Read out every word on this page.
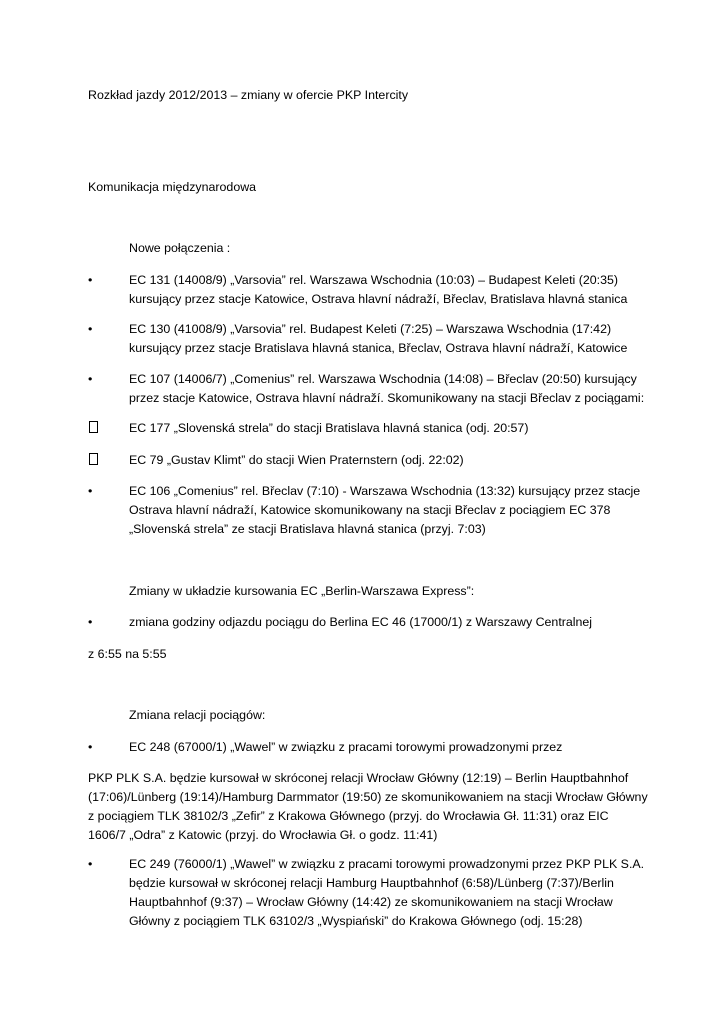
Rozkład jazdy 2012/2013 – zmiany w ofercie PKP Intercity
Komunikacja międzynarodowa
Nowe połączenia :
•	EC 131 (14008/9) „Varsovia” rel. Warszawa Wschodnia (10:03) – Budapest Keleti (20:35) kursujący przez stacje Katowice, Ostrava hlavní nádraží, Břeclav, Bratislava hlavná stanica
•	EC 130 (41008/9) „Varsovia” rel. Budapest Keleti (7:25) – Warszawa Wschodnia (17:42) kursujący przez stacje Bratislava hlavná stanica, Břeclav, Ostrava hlavní nádraží, Katowice
•	EC 107 (14006/7) „Comenius” rel. Warszawa Wschodnia (14:08) – Břeclav (20:50) kursujący przez stacje Katowice, Ostrava hlavní nádraží. Skomunikowany na stacji Břeclav z pociągami:
EC 177 „Slovenská strela” do stacji Bratislava hlavná stanica (odj. 20:57)
EC 79 „Gustav Klimt” do stacji Wien Praternstern (odj. 22:02)
•	EC 106 „Comenius” rel. Břeclav (7:10) - Warszawa Wschodnia (13:32) kursujący przez stacje Ostrava hlavní nádraží, Katowice skomunikowany na stacji Břeclav z pociągiem EC 378 „Slovenská strela” ze stacji Bratislava hlavná stanica (przyj. 7:03)
Zmiany w układzie kursowania EC „Berlin-Warszawa Express”:
•	zmiana godziny odjazdu pociągu do Berlina EC 46 (17000/1) z Warszawy Centralnej
z 6:55 na 5:55
Zmiana relacji pociągów:
•	EC 248 (67000/1) „Wawel” w związku z pracami torowymi prowadzonymi przez
PKP PLK S.A. będzie kursował w skróconej relacji Wrocław Główny (12:19) – Berlin Hauptbahnhof (17:06)/Lünberg (19:14)/Hamburg Darmmator (19:50) ze skomunikowaniem na stacji Wrocław Główny z pociągiem TLK 38102/3 „Zefir” z Krakowa Głównego (przyj. do Wrocławia Gł. 11:31) oraz EIC 1606/7 „Odra” z Katowic (przyj. do Wrocławia Gł. o godz. 11:41)
•	EC 249 (76000/1) „Wawel” w związku z pracami torowymi prowadzonymi przez PKP PLK S.A. będzie kursował w skróconej relacji Hamburg Hauptbahnhof (6:58)/Lünberg (7:37)/Berlin Hauptbahnhof (9:37) – Wrocław Główny (14:42) ze skomunikowaniem na stacji Wrocław Główny z pociągiem TLK 63102/3 „Wyspiański” do Krakowa Głównego (odj. 15:28)
